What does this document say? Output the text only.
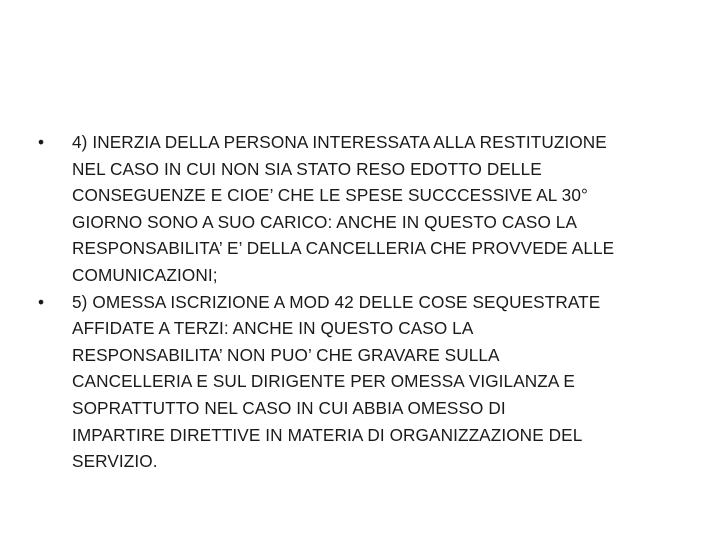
•	4) INERZIA DELLA PERSONA INTERESSATA ALLA RESTITUZIONE
NEL CASO IN CUI NON SIA STATO RESO EDOTTO DELLE
CONSEGUENZE E CIOE’ CHE LE SPESE SUCCCESSIVE AL 30°
GIORNO SONO A SUO CARICO: ANCHE IN QUESTO CASO LA
RESPONSABILITA’ E’ DELLA CANCELLERIA CHE PROVVEDE ALLE
COMUNICAZIONI;
•	5) OMESSA ISCRIZIONE A MOD 42 DELLE COSE SEQUESTRATE
AFFIDATE A TERZI: ANCHE IN QUESTO CASO LA
RESPONSABILITA’ NON PUO’ CHE GRAVARE SULLA
CANCELLERIA E SUL DIRIGENTE PER OMESSA VIGILANZA E
SOPRATTUTTO NEL CASO IN CUI ABBIA OMESSO DI
IMPARTIRE DIRETTIVE IN MATERIA DI ORGANIZZAZIONE DEL
SERVIZIO.
